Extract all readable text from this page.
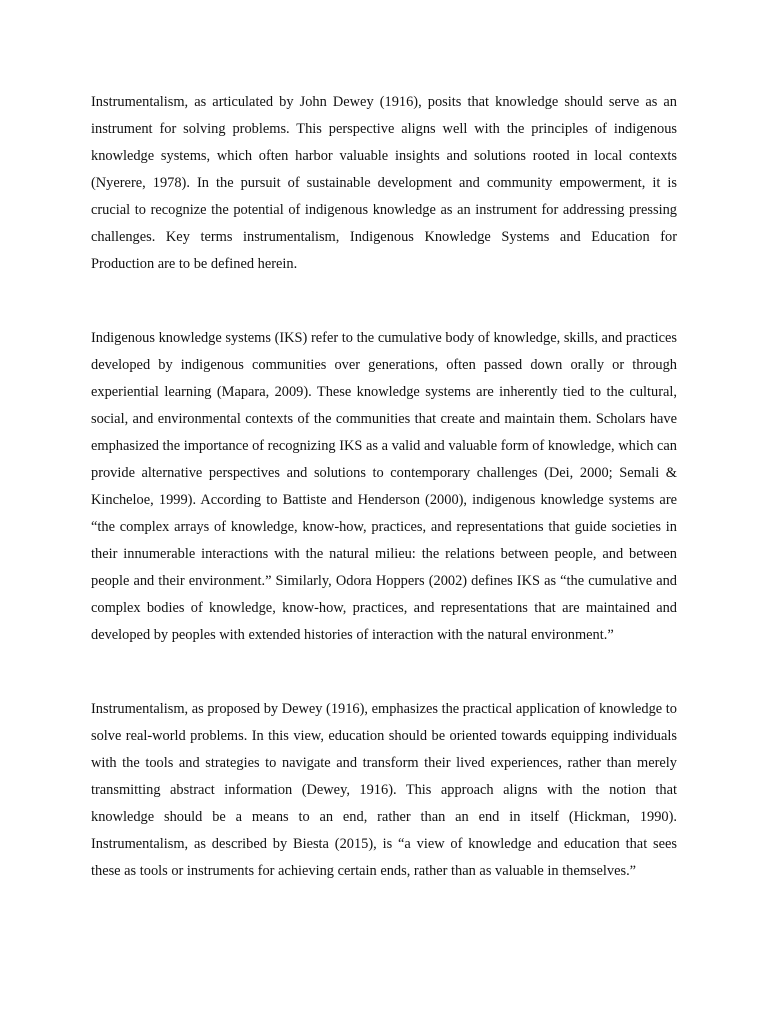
Instrumentalism, as articulated by John Dewey (1916), posits that knowledge should serve as an instrument for solving problems. This perspective aligns well with the principles of indigenous knowledge systems, which often harbor valuable insights and solutions rooted in local contexts (Nyerere, 1978). In the pursuit of sustainable development and community empowerment, it is crucial to recognize the potential of indigenous knowledge as an instrument for addressing pressing challenges. Key terms instrumentalism, Indigenous Knowledge Systems and Education for Production are to be defined herein.

Indigenous knowledge systems (IKS) refer to the cumulative body of knowledge, skills, and practices developed by indigenous communities over generations, often passed down orally or through experiential learning (Mapara, 2009). These knowledge systems are inherently tied to the cultural, social, and environmental contexts of the communities that create and maintain them. Scholars have emphasized the importance of recognizing IKS as a valid and valuable form of knowledge, which can provide alternative perspectives and solutions to contemporary challenges (Dei, 2000; Semali & Kincheloe, 1999). According to Battiste and Henderson (2000), indigenous knowledge systems are “the complex arrays of knowledge, know-how, practices, and representations that guide societies in their innumerable interactions with the natural milieu: the relations between people, and between people and their environment.” Similarly, Odora Hoppers (2002) defines IKS as “the cumulative and complex bodies of knowledge, know-how, practices, and representations that are maintained and developed by peoples with extended histories of interaction with the natural environment.”

Instrumentalism, as proposed by Dewey (1916), emphasizes the practical application of knowledge to solve real-world problems. In this view, education should be oriented towards equipping individuals with the tools and strategies to navigate and transform their lived experiences, rather than merely transmitting abstract information (Dewey, 1916). This approach aligns with the notion that knowledge should be a means to an end, rather than an end in itself (Hickman, 1990). Instrumentalism, as described by Biesta (2015), is “a view of knowledge and education that sees these as tools or instruments for achieving certain ends, rather than as valuable in themselves.”
